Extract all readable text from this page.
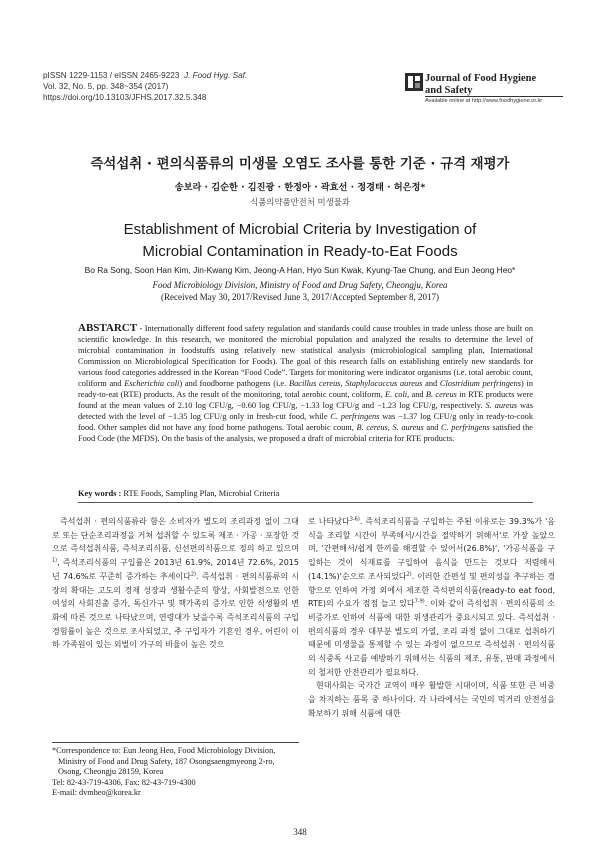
pISSN 1229-1153 / eISSN 2465-9223 J. Food Hyg. Saf.
Vol. 32, No. 5, pp. 348~354 (2017)
https://doi.org/10.13103/JFHS.2017.32.5.348
Journal of Food Hygiene
and Safety
Available online at http://www.foodhygiene.or.kr
즉석섭취 · 편의식품류의 미생물 오염도 조사를 통한 기준 · 규격 재평가
송보라 · 김순한 · 김진광 · 한정아 · 곽효선 · 정경태 · 허은정*
식품의약품안전처 미생물과
Establishment of Microbial Criteria by Investigation of
Microbial Contamination in Ready-to-Eat Foods
Bo Ra Song, Soon Han Kim, Jin-Kwang Kim, Jeong-A Han, Hyo Sun Kwak, Kyung-Tae Chung, and Eun Jeong Heo*
Food Microbiology Division, Ministry of Food and Drug Safety, Cheongju, Korea
(Received May 30, 2017/Revised June 3, 2017/Accepted September 8, 2017)
ABSTARCT - Internationally different food safety regulation and standards could cause troubles in trade unless those are built on scientific knowledge. In this research, we monitored the microbial population and analyzed the results to determine the level of microbial contamination in foodstuffs using relatively new statistical analysis (microbiological sampling plan, International Commission on Microbiological Specification for Foods). The goal of this research falls on establishing entirely new standards for various food categories addressed in the Korean “Food Code”. Targets for monitoring were indicator organisms (i.e. total aerobic count, coliform and Escherichia coli) and foodborne pathogens (i.e. Bacillus cereus, Staphylococcus aureus and Clostridium perfringens) in ready-to-eat (RTE) products. As the result of the monitoring, total aerobic count, coliform, E. coli, and B. cereus in RTE products were found at the mean values of 2.10 log CFU/g, −0.60 log CFU/g, −1.33 log CFU/g and −1.23 log CFU/g, respectively. S. aureus was detected with the level of −1.35 log CFU/g only in fresh-cut food, while C. perfringens was −1.37 log CFU/g only in ready-to-cook food. Other samples did not have any food borne pathogens. Total aerobic count, B. cereus, S. aureus and C. perfringens satisfied the Food Code (the MFDS). On the basis of the analysis, we proposed a draft of microbial criteria for RTE products.
Key words : RTE Foods, Sampling Plan, Microbial Criteria

즉석섭취 · 편의식품류라 함은 소비자가 별도의 조리과정 없이 그대로 또는 단순조리과정을 거쳐 섭취할 수 있도록 제조 · 가공 · 포장한 것으로 즉석섭취식품, 즉석조리식품, 신선편의식품으로 정의 하고 있으며$^{1)}$, 즉석조리식품의 구입률은 2013년 61.9%, 2014년 72.6%, 2015년 74.6%로 꾸준히 증가하는 추세이다$^{2)}$. 즉석섭취 · 편의식품류의 시장의 확대는 고도의 경제 성장과 생활수준의 향상, 사회발전으로 인한 여성의 사회진출 증가, 독신가구 및 핵가족의 증가로 인한 식생활의 변화에 따른 것으로 나타났으며, 연령대가 낮을수록 즉석조리식품의 구입 경험률이 높은 것으로 조사되었고, 주 구입자가 기혼인 경우, 어린이 이하 가족원이 있는 외벌이 가구의 비율이 높은 것으

*Correspondence to: Eun Jeong Heo, Food Microbiology Division,
Ministry of Food and Drug Safety, 187 Osongsaengmyeong 2-ro,
Osong, Cheongju 28159, Korea
Tel: 82-43-719-4306, Fax: 82-43-719-4300
E-mail: dvmheo@korea.kr

로 나타났다$^{3-6)}$. 즉석조리식품을 구입하는 주된 이유로는 39.3%가 '음식을 조리할 시간이 부족해서/시간을 절약하기 위해서'로 가장 높았으며, '간편해서/쉽게 한끼를 해결할 수 있어서(26.8%)', '가공식품을 구입하는 것이 식재료를 구입하여 음식을 만드는 것보다 저렴해서(14.1%)'순으로 조사되었다$^{2)}$. 이러한 간편성 및 편의성을 추구하는 경향으로 인하여 가정 외에서 제조한 즉석편의식품(ready-to eat food, RTE)의 수요가 점점 늘고 있다$^{7-9)}$. 이와 같이 즉석섭취 · 편의식품의 소비증가로 인하여 식품에 대한 위생관리가 중요시되고 있다. 즉석섭취 · 편의식품의 경우 대부분 별도의 가열, 조리 과정 없이 그대로 섭취하기 때문에 미생물을 통제할 수 있는 과정이 없으므로 즉석섭취 · 편의식품의 식중독 사고를 예방하기 위해서는 식품의 제조, 유통, 판매 과정에서의 철저한 안전관리가 필요하다.

현대사회는 국가간 교역이 매우 활발한 시대이며, 식품 또한 큰 비중을 차지하는 품목 중 하나이다. 각 나라에서는 국민의 먹거리 안전성을 확보하기 위해 식품에 대한

348
